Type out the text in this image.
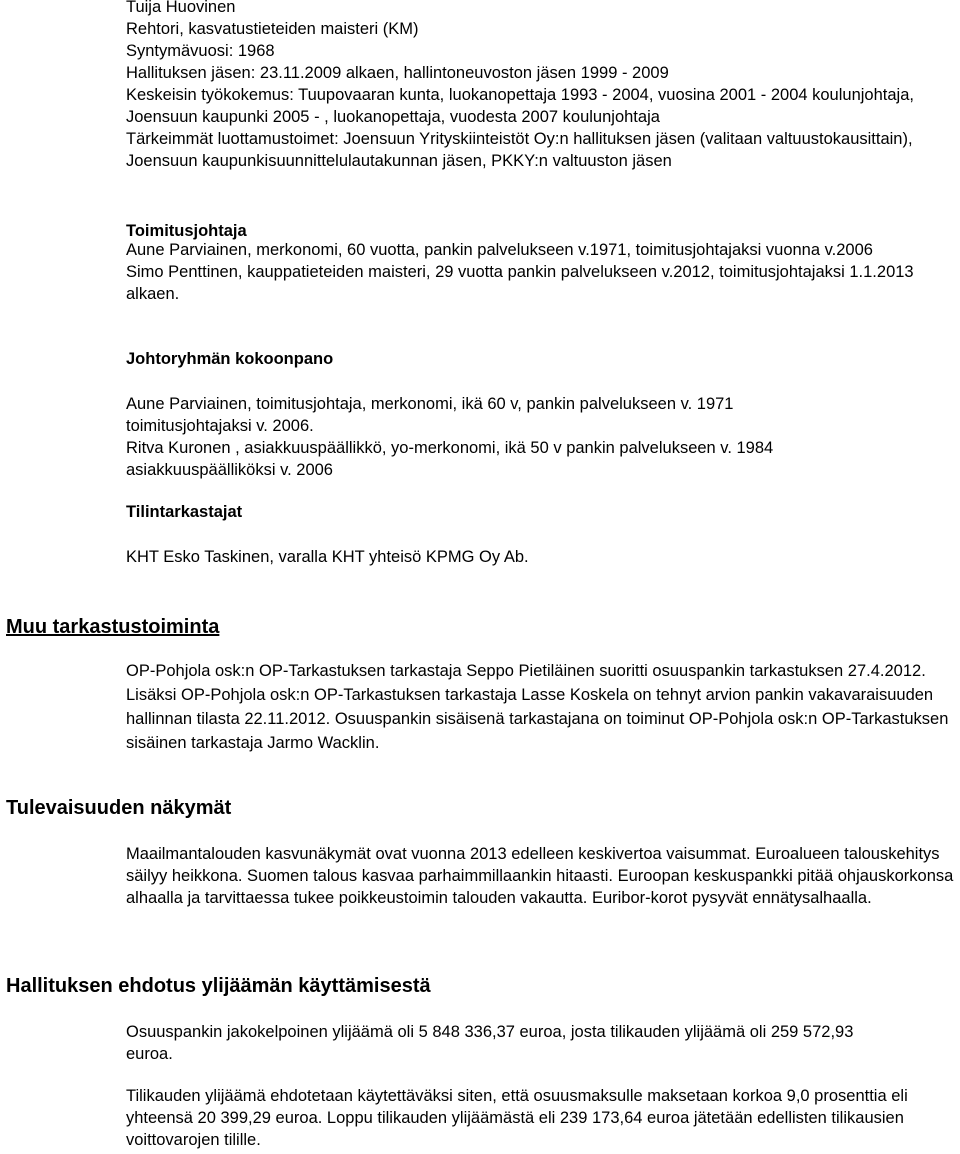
Tuija Huovinen

Rehtori, kasvatustieteiden maisteri (KM)

Syntymävuosi: 1968

Hallituksen jäsen: 23.11.2009 alkaen, hallintoneuvoston jäsen 1999 - 2009

Keskeisin työkokemus: Tuupovaaran kunta, luokanopettaja 1993 - 2004, vuosina 2001 - 2004 koulunjohtaja, Joensuun kaupunki 2005 - , luokanopettaja, vuodesta 2007 koulunjohtaja

Tärkeimmät luottamustoimet: Joensuun Yrityskiinteistöt Oy:n hallituksen jäsen (valitaan valtuustokausittain), Joensuun kaupunkisuunnittelulautakunnan jäsen, PKKY:n valtuuston jäsen

Toimitusjohtaja

Aune Parviainen, merkonomi, 60 vuotta, pankin palvelukseen v.1971, toimitusjohtajaksi vuonna v.2006

Simo Penttinen, kauppatieteiden maisteri, 29 vuotta pankin palvelukseen v.2012, toimitusjohtajaksi 1.1.2013 alkaen.

Johtoryhmän kokoonpano

Aune Parviainen, toimitusjohtaja, merkonomi, ikä 60 v, pankin palvelukseen v. 1971 toimitusjohtajaksi v. 2006.

Ritva Kuronen , asiakkuuspäällikkö, yo-merkonomi, ikä 50 v pankin palvelukseen v. 1984 asiakkuuspäälliköksi v. 2006

Tilintarkastajat

KHT Esko Taskinen, varalla KHT yhteisö KPMG Oy Ab.

Muu tarkastustoiminta

OP-Pohjola osk:n OP-Tarkastuksen tarkastaja Seppo Pietiläinen suoritti osuuspankin tarkastuksen 27.4.2012. Lisäksi OP-Pohjola osk:n OP-Tarkastuksen tarkastaja Lasse Koskela on tehnyt arvion pankin vakavaraisuuden hallinnan tilasta 22.11.2012. Osuuspankin sisäisenä tarkastajana on toiminut OP-Pohjola osk:n OP-Tarkastuksen sisäinen tarkastaja Jarmo Wacklin.

Tulevaisuuden näkymät

Maailmantalouden kasvunäkymät ovat vuonna 2013 edelleen keskivertoa vaisummat. Euroalueen talouskehitys säilyy heikkona. Suomen talous kasvaa parhaimmillaankin hitaasti. Euroopan keskuspankki pitää ohjauskorkonsa alhaalla ja tarvittaessa tukee poikkeustoimin talouden vakautta. Euribor-korot pysyvät ennätysalhaalla.

Hallituksen ehdotus ylijäämän käyttämisestä

Osuuspankin jakokelpoinen ylijäämä oli 5 848 336,37 euroa, josta tilikauden ylijäämä oli 259 572,93 euroa.

Tilikauden ylijäämä ehdotetaan käytettäväksi siten, että osuusmaksulle maksetaan korkoa 9,0 prosenttia eli yhteensä 20 399,29 euroa. Loppu tilikauden ylijäämästä eli 239 173,64 euroa jätetään edellisten tilikausien voittovarojen tilille.
